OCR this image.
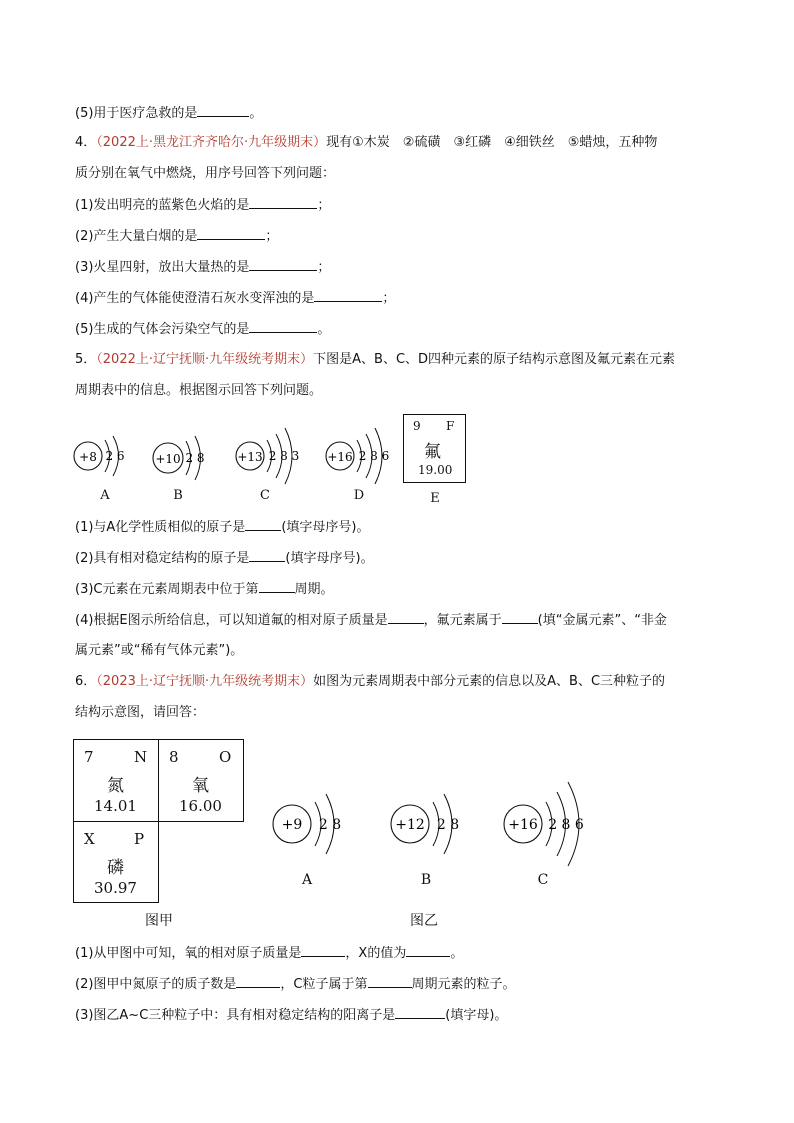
(5)用于医疗急救的是	。
4．（2022上·黑龙江齐齐哈尔·九年级期末）现有①木炭　②硫磺　③红磷　④细铁丝　⑤蜡烛，五种物
质分别在氧气中燃烧，用序号回答下列问题：
(1)发出明亮的蓝紫色火焰的是	；
(2)产生大量白烟的是	；
(3)火星四射，放出大量热的是	；
(4)产生的气体能使澄清石灰水变浑浊的是	；
(5)生成的气体会污染空气的是	。
5．（2022上·辽宁抚顺·九年级统考期末）下图是A、B、C、D四种元素的原子结构示意图及氟元素在元素
周期表中的信息。根据图示回答下列问题。
+8 2 6	+10 2 8	+13 2 8 3 +16 2 8 6
A	B	C	D
9 F
氟
19.00
E
(1)与A化学性质相似的原子是	(填字母序号)。
(2)具有相对稳定结构的原子是	(填字母序号)。
(3)C元素在元素周期表中位于第	周期。
(4)根据E图示所给信息，可以知道氟的相对原子质量是	，氟元素属于	(填“金属元素”、“非金
属元素”或“稀有气体元素”)。
6．（2023上·辽宁抚顺·九年级统考期末）如图为元素周期表中部分元素的信息以及A、B、C三种粒子的
结构示意图，请回答：
7	N
氮
14.01
8	O
氧
16.00
X	P
磷
30.97
+9 2 8	+12 2 8	+16 2 8 6
A	B	C
图甲	图乙
(1)从甲图中可知，氧的相对原子质量是	，X的值为	。
(2)图甲中氮原子的质子数是	，C粒子属于第	周期元素的粒子。
(3)图乙A~C三种粒子中：具有相对稳定结构的阳离子是	(填字母)。
